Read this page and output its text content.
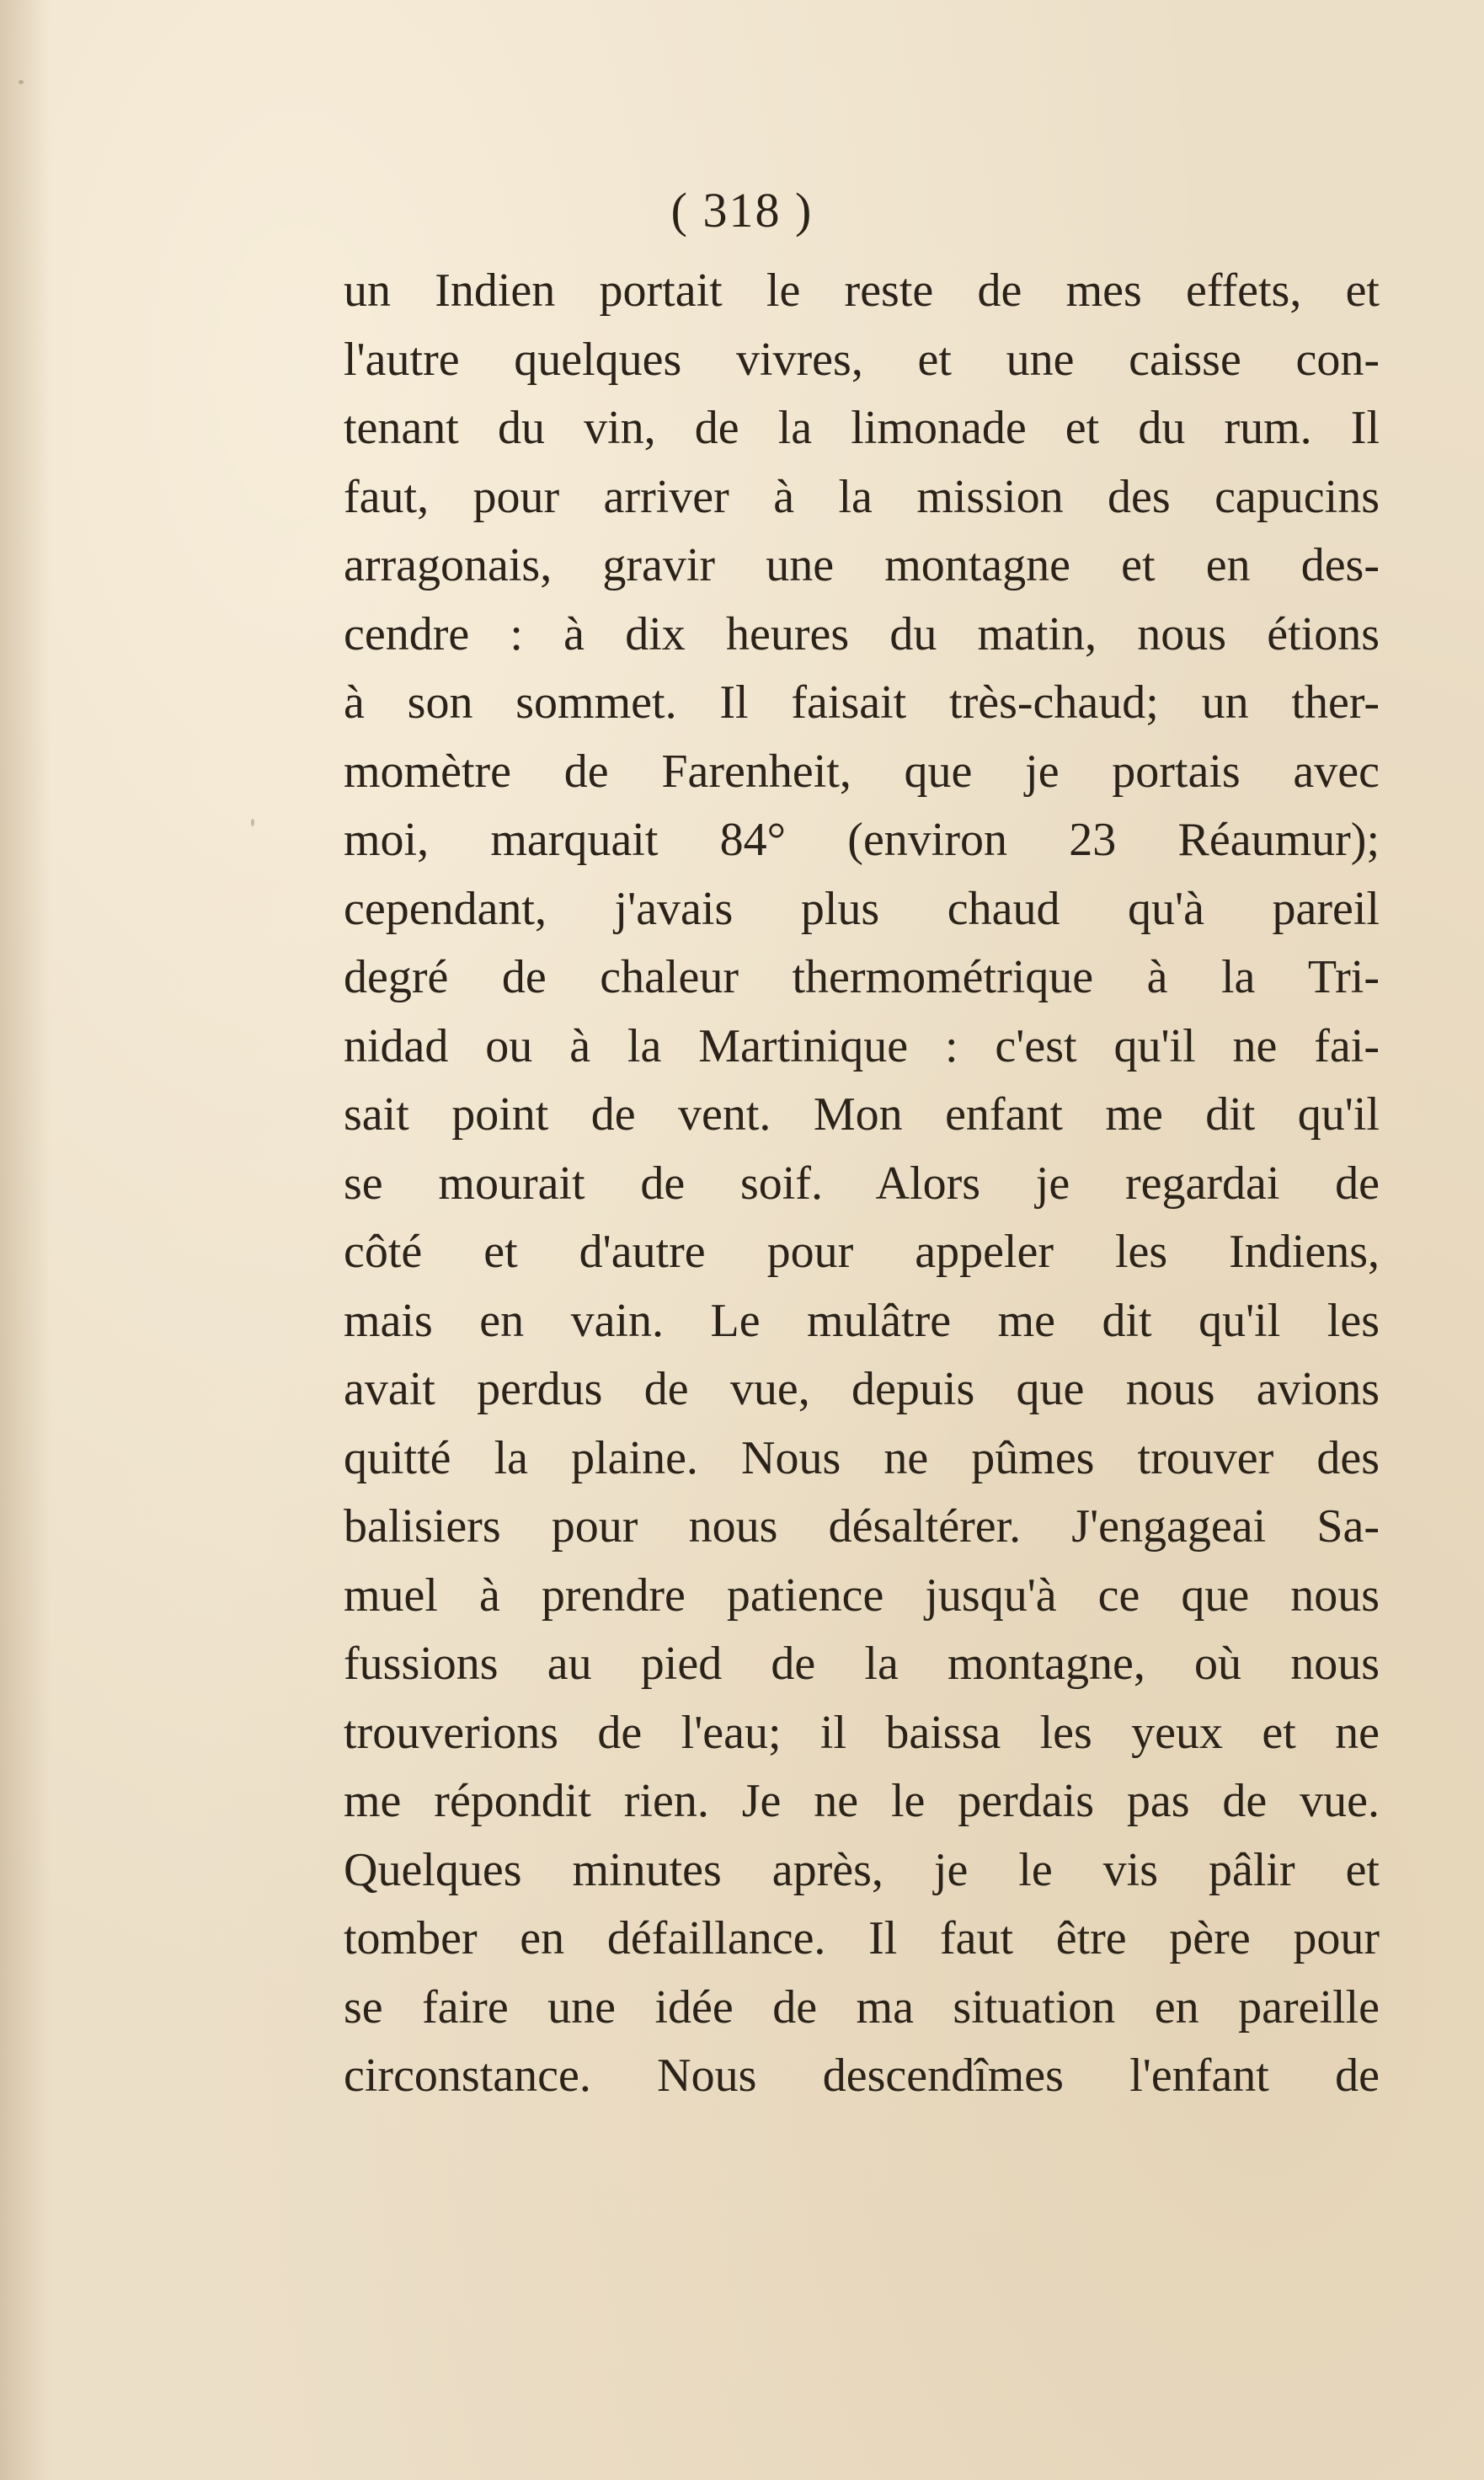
( 318 )
un Indien portait le reste de mes effets, et
l'autre quelques vivres, et une caisse con-
tenant du vin, de la limonade et du rum. Il
faut, pour arriver à la mission des capucins
arragonais, gravir une montagne et en des-
cendre : à dix heures du matin, nous étions
à son sommet. Il faisait très-chaud; un ther-
momètre de Farenheit, que je portais avec
moi, marquait 84° (environ 23 Réaumur);
cependant, j'avais plus chaud qu'à pareil
degré de chaleur thermométrique à la Tri-
nidad ou à la Martinique : c'est qu'il ne fai-
sait point de vent. Mon enfant me dit qu'il
se mourait de soif. Alors je regardai de
côté et d'autre pour appeler les Indiens,
mais en vain. Le mulâtre me dit qu'il les
avait perdus de vue, depuis que nous avions
quitté la plaine. Nous ne pûmes trouver des
balisiers pour nous désaltérer. J'engageai Sa-
muel à prendre patience jusqu'à ce que nous
fussions au pied de la montagne, où nous
trouverions de l'eau; il baissa les yeux et ne
me répondit rien. Je ne le perdais pas de vue.
Quelques minutes après, je le vis pâlir et
tomber en défaillance. Il faut être père pour
se faire une idée de ma situation en pareille
circonstance. Nous descendîmes l'enfant de
